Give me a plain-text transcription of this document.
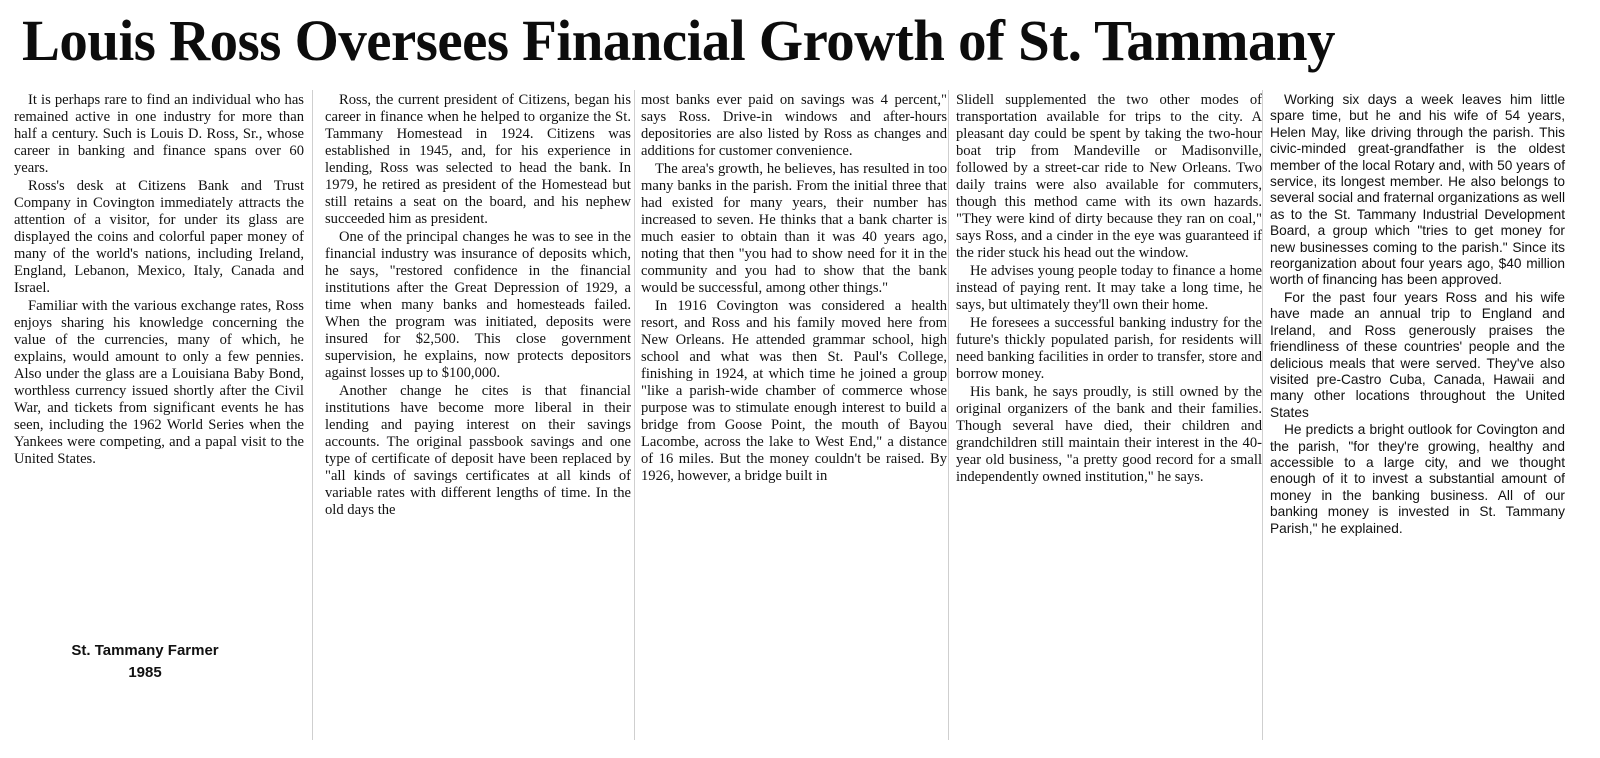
Louis Ross Oversees Financial Growth of St. Tammany

It is perhaps rare to find an individual who has remained active in one industry for more than half a century. Such is Louis D. Ross, Sr., whose career in banking and finance spans over 60 years.

Ross's desk at Citizens Bank and Trust Company in Covington immediately attracts the attention of a visitor, for under its glass are displayed the coins and colorful paper money of many of the world's nations, including Ireland, England, Lebanon, Mexico, Italy, Canada and Israel.

Familiar with the various exchange rates, Ross enjoys sharing his knowledge concerning the value of the currencies, many of which, he explains, would amount to only a few pennies. Also under the glass are a Louisiana Baby Bond, worthless currency issued shortly after the Civil War, and tickets from significant events he has seen, including the 1962 World Series when the Yankees were competing, and a papal visit to the United States.

Ross, the current president of Citizens, began his career in finance when he helped to organize the St. Tammany Homestead in 1924. Citizens was established in 1945, and, for his experience in lending, Ross was selected to head the bank. In 1979, he retired as president of the Homestead but still retains a seat on the board, and his nephew succeeded him as president.

One of the principal changes he was to see in the financial industry was insurance of deposits which, he says, "restored confidence in the financial institutions after the Great Depression of 1929, a time when many banks and homesteads failed. When the program was initiated, deposits were insured for $2,500. This close government supervision, he explains, now protects depositors against losses up to $100,000.

Another change he cites is that financial institutions have become more liberal in their lending and paying interest on their savings accounts. The original passbook savings and one type of certificate of deposit have been replaced by "all kinds of savings certificates at all kinds of variable rates with different lengths of time. In the old days the

most banks ever paid on savings was 4 percent," says Ross. Drive-in windows and after-hours depositories are also listed by Ross as changes and additions for customer convenience.

The area's growth, he believes, has resulted in too many banks in the parish. From the initial three that had existed for many years, their number has increased to seven. He thinks that a bank charter is much easier to obtain than it was 40 years ago, noting that then "you had to show need for it in the community and you had to show that the bank would be successful, among other things."

In 1916 Covington was considered a health resort, and Ross and his family moved here from New Orleans. He attended grammar school, high school and what was then St. Paul's College, finishing in 1924, at which time he joined a group "like a parish-wide chamber of commerce whose purpose was to stimulate enough interest to build a bridge from Goose Point, the mouth of Bayou Lacombe, across the lake to West End," a distance of 16 miles. But the money couldn't be raised. By 1926, however, a bridge built in

Slidell supplemented the two other modes of transportation available for trips to the city. A pleasant day could be spent by taking the two-hour boat trip from Mandeville or Madisonville, followed by a street-car ride to New Orleans. Two daily trains were also available for commuters, though this method came with its own hazards. "They were kind of dirty because they ran on coal," says Ross, and a cinder in the eye was guaranteed if the rider stuck his head out the window.

He advises young people today to finance a home instead of paying rent. It may take a long time, he says, but ultimately they'll own their home.

He foresees a successful banking industry for the future's thickly populated parish, for residents will need banking facilities in order to transfer, store and borrow money.

His bank, he says proudly, is still owned by the original organizers of the bank and their families. Though several have died, their children and grandchildren still maintain their interest in the 40-year old business, "a pretty good record for a small independently owned institution," he says.

Working six days a week leaves him little spare time, but he and his wife of 54 years, Helen May, like driving through the parish. This civic-minded great-grandfather is the oldest member of the local Rotary and, with 50 years of service, its longest member. He also belongs to several social and fraternal organizations as well as to the St. Tammany Industrial Development Board, a group which "tries to get money for new businesses coming to the parish." Since its reorganization about four years ago, $40 million worth of financing has been approved.

For the past four years Ross and his wife have made an annual trip to England and Ireland, and Ross generously praises the friendliness of these countries' people and the delicious meals that were served. They've also visited pre-Castro Cuba, Canada, Hawaii and many other locations throughout the United States

He predicts a bright outlook for Covington and the parish, "for they're growing, healthy and accessible to a large city, and we thought enough of it to invest a substantial amount of money in the banking business. All of our banking money is invested in St. Tammany Parish," he explained.

St. Tammany Farmer
1985
